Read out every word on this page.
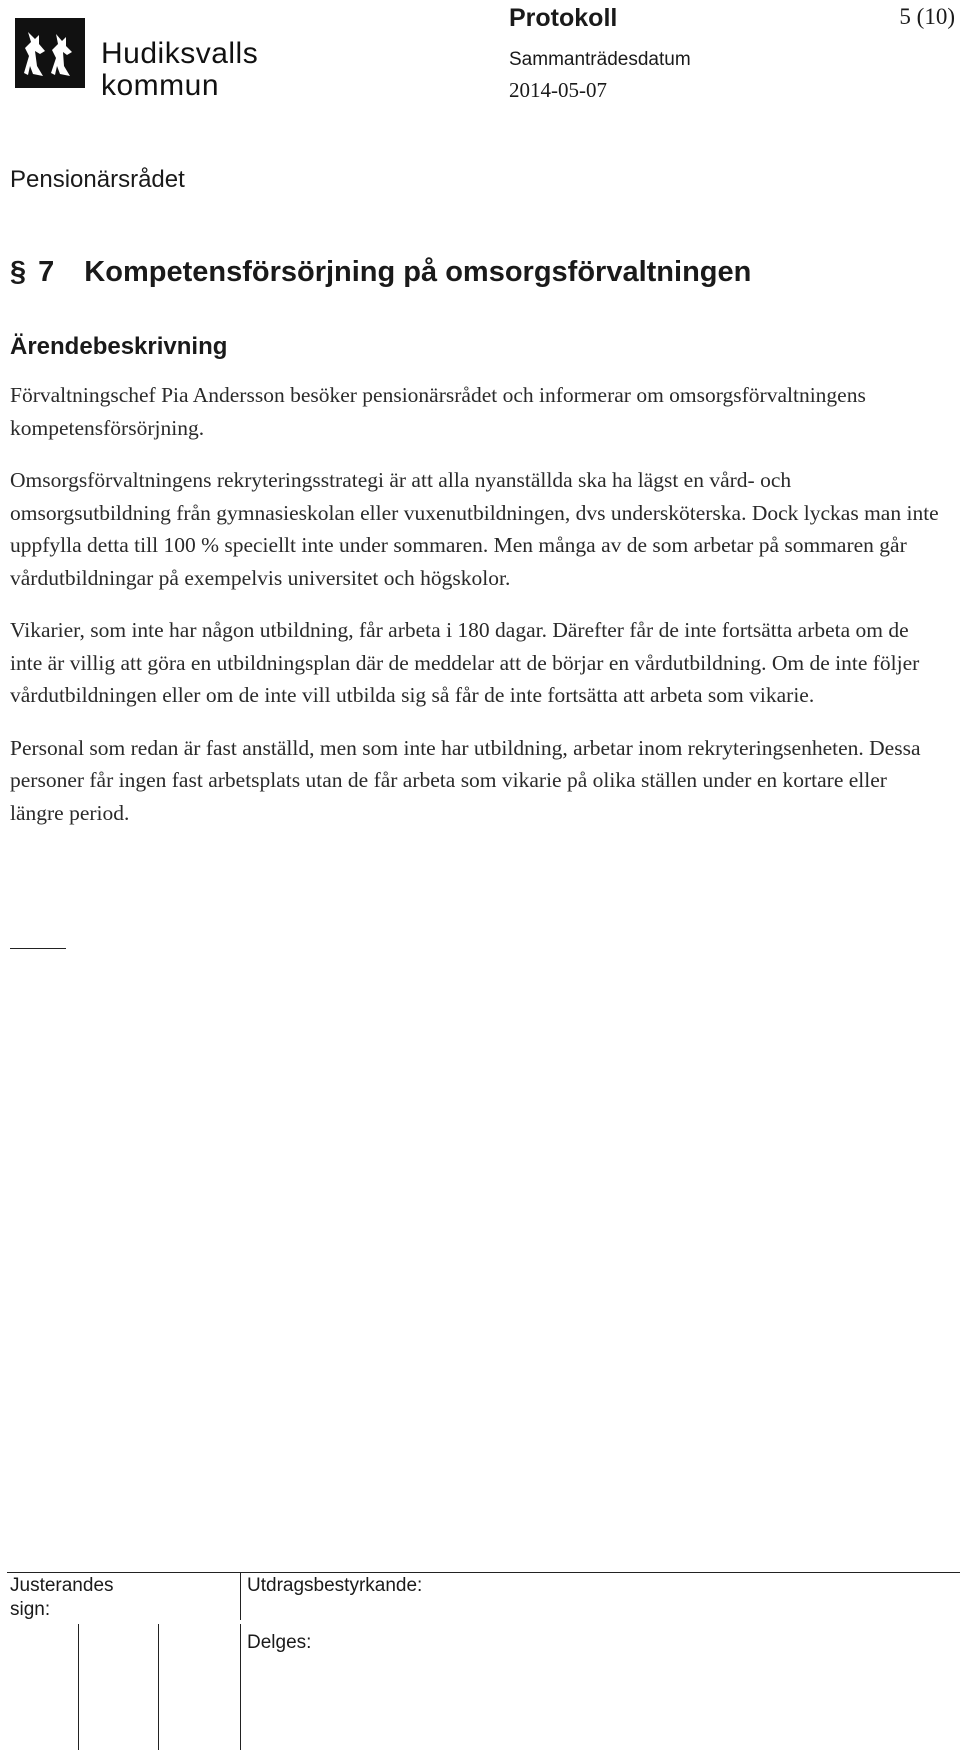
Hudiksvalls
kommun
Protokoll	5 (10)
Sammanträdesdatum
2014-05-07
Pensionärsrådet
§ 7 Kompetensförsörjning på omsorgsförvaltningen
Ärendebeskrivning

Förvaltningschef Pia Andersson besöker pensionärsrådet och informerar om omsorgsförvaltningens kompetensförsörjning.

Omsorgsförvaltningens rekryteringsstrategi är att alla nyanställda ska ha lägst en vård- och omsorgsutbildning från gymnasieskolan eller vuxenutbildningen, dvs undersköterska. Dock lyckas man inte uppfylla detta till 100 % speciellt inte under sommaren. Men många av de som arbetar på sommaren går vårdutbildningar på exempelvis universitet och högskolor.

Vikarier, som inte har någon utbildning, får arbeta i 180 dagar. Därefter får de inte fortsätta arbeta om de inte är villig att göra en utbildningsplan där de meddelar att de börjar en vårdutbildning. Om de inte följer vårdutbildningen eller om de inte vill utbilda sig så får de inte fortsätta att arbeta som vikarie.

Personal som redan är fast anställd, men som inte har utbildning, arbetar inom rekryteringsenheten. Dessa personer får ingen fast arbetsplats utan de får arbeta som vikarie på olika ställen under en kortare eller längre period.

Justerandes sign:
Utdragsbestyrkande:
Delges:
